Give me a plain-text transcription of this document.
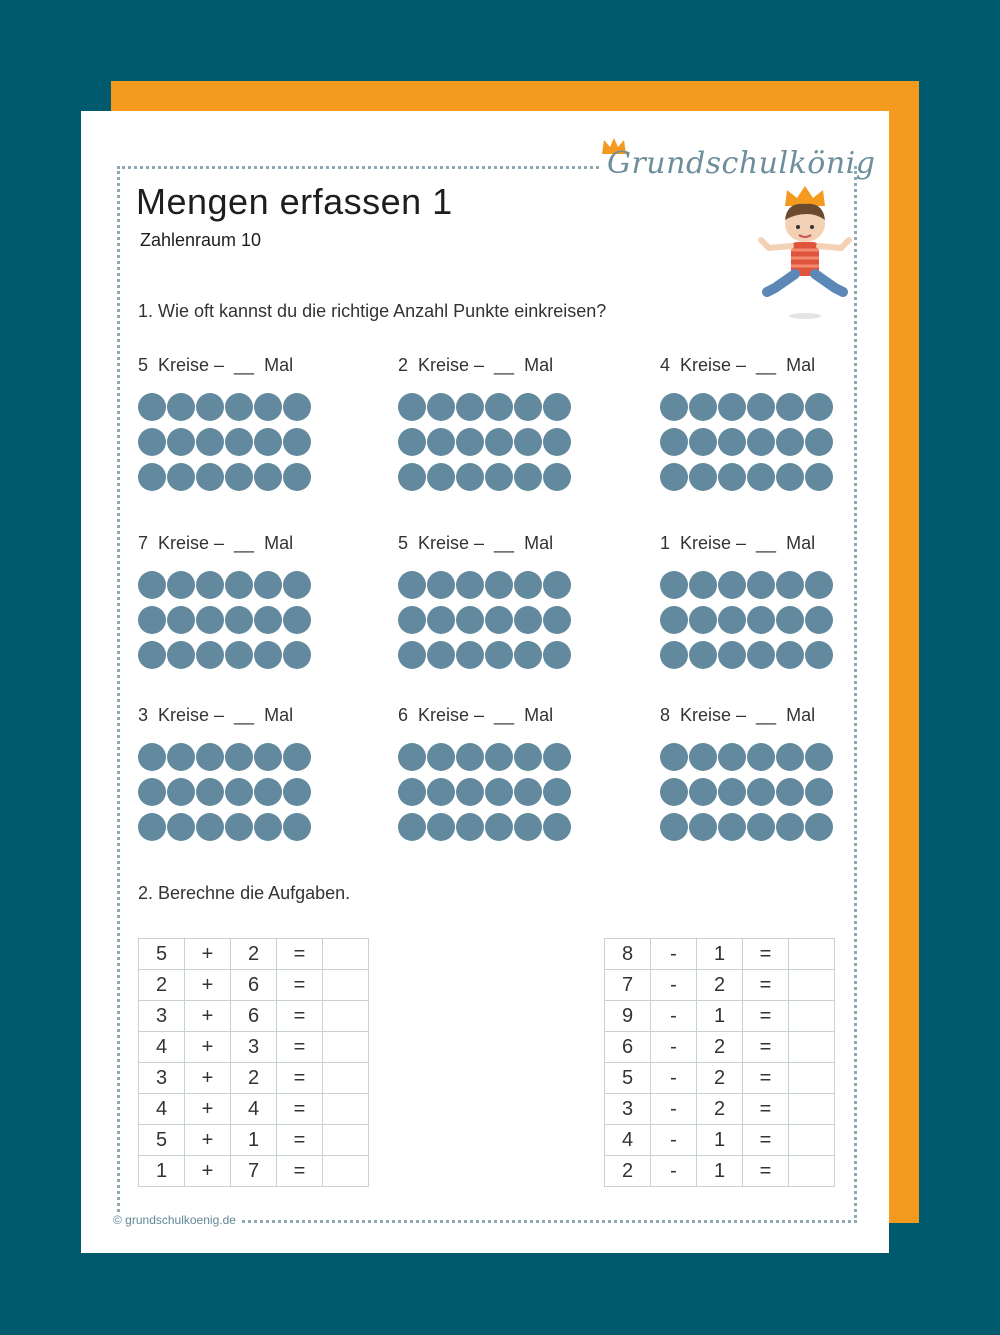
Grundschulkönig
Mengen erfassen 1
Zahlenraum 10
1. Wie oft kannst du die richtige Anzahl Punkte einkreisen?
5  Kreise –  __  Mal	2  Kreise –  __  Mal	4  Kreise –  __  Mal
7  Kreise –  __  Mal	5  Kreise –  __  Mal	1  Kreise –  __  Mal
3  Kreise –  __  Mal	6  Kreise –  __  Mal	8  Kreise –  __  Mal
2. Berechne die Aufgaben.
5	+	2	=	
2	+	6	=	
3	+	6	=	
4	+	3	=	
3	+	2	=	
4	+	4	=	
5	+	1	=	
1	+	7	=	
8	-	1	=	
7	-	2	=	
9	-	1	=	
6	-	2	=	
5	-	2	=	
3	-	2	=	
4	-	1	=	
2	-	1	=	
© grundschulkoenig.de
